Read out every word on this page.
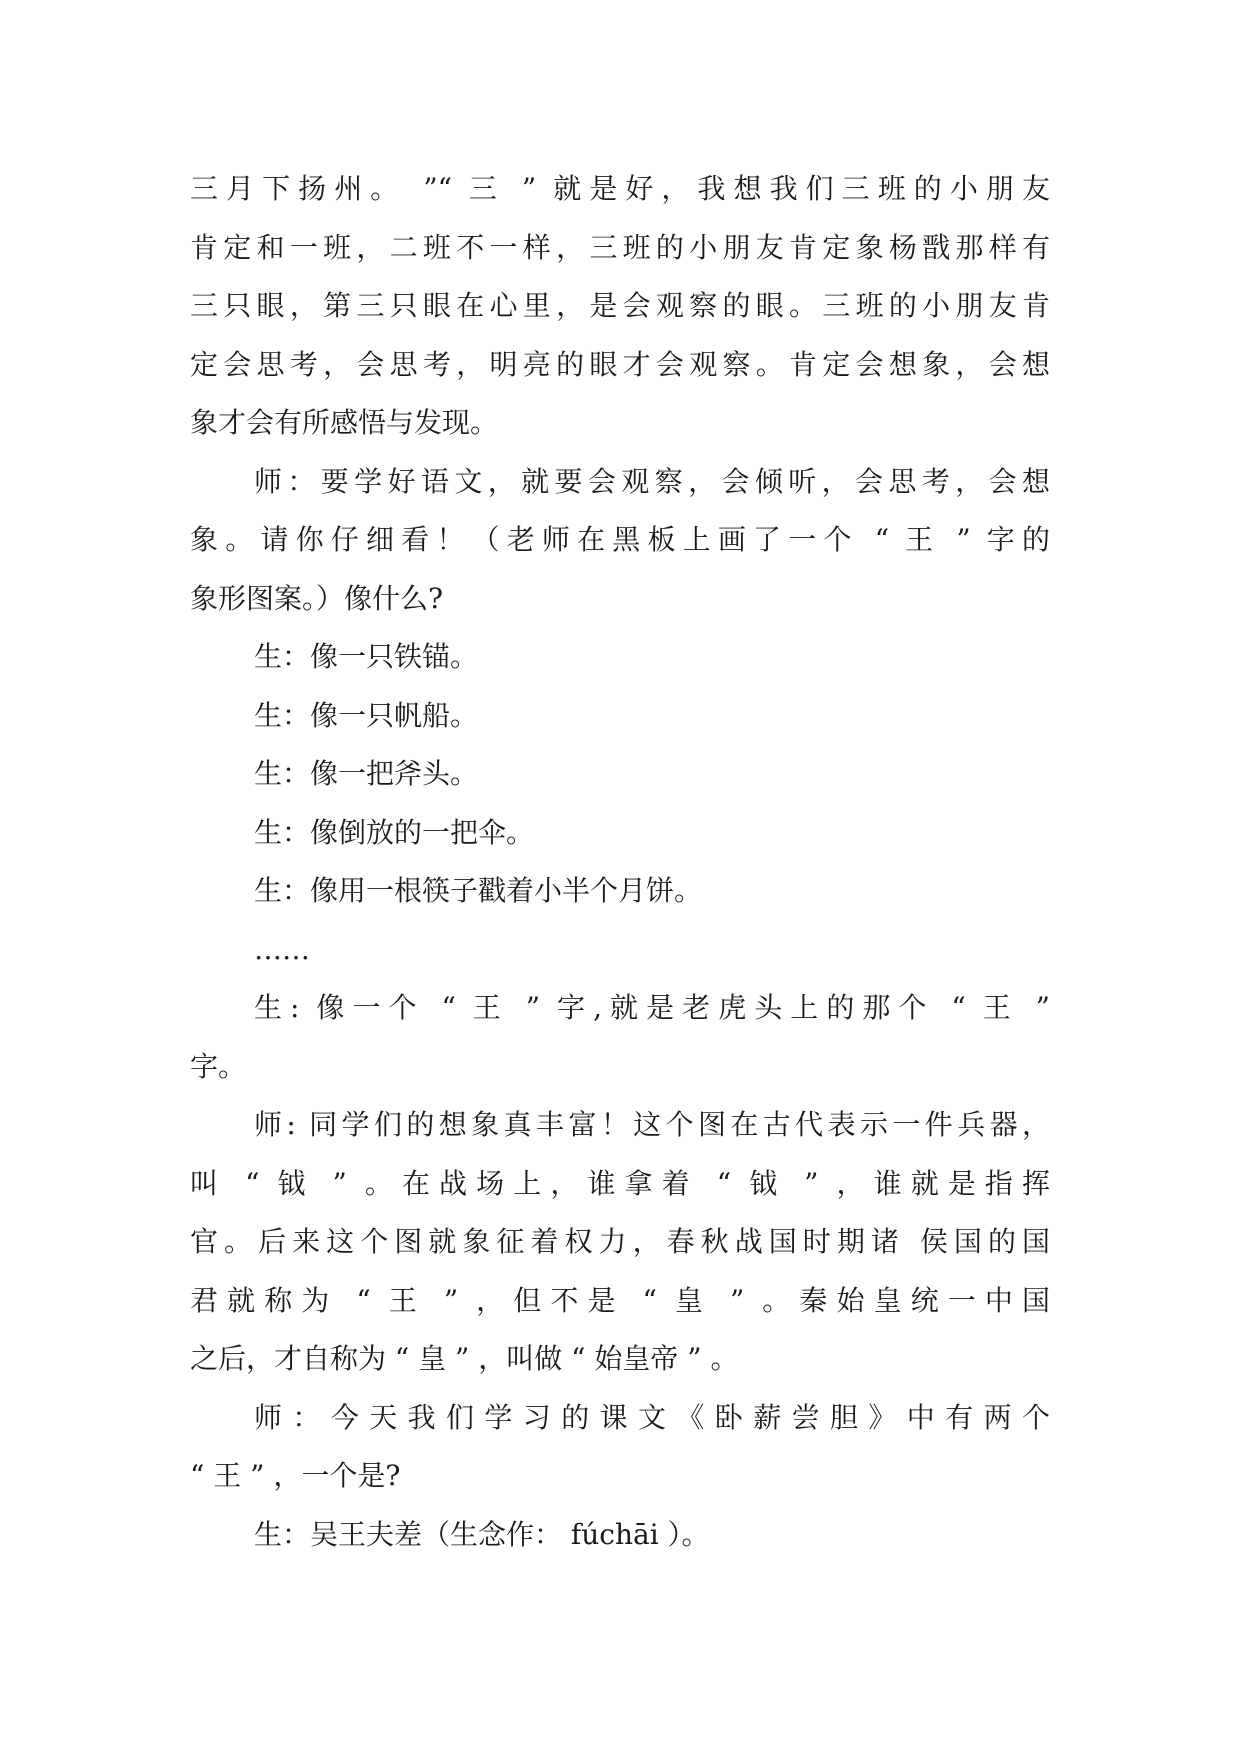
三月下扬州。 ”“ 三 ” 就是好，我想我们三班的小朋友
肯定和一班，二班不一样，三班的小朋友肯定象杨戬那样有
三只眼，第三只眼在心里，是会观察的眼。三班的小朋友肯
定会思考，会思考，明亮的眼才会观察。肯定会想象，会想
象才会有所感悟与发现。
师：要学好语文，就要会观察，会倾听，会思考，会想
象。请你仔细看！（老师在黑板上画了一个 “ 王 ” 字的
象形图案。）像什么?
生：像一只铁锚。
生：像一只帆船。
生：像一把斧头。
生：像倒放的一把伞。
生：像用一根筷子戳着小半个月饼。
……
生: 像一个 “ 王 ” 字,就是老虎头上的那个 “ 王 ”
字。
师: 同学们的想象真丰富！这个图在古代表示一件兵器，
叫 “ 钺 ” 。在战场上，谁拿着 “ 钺 ” ，谁就是指挥
官。后来这个图就象征着权力，春秋战国时期诸 侯国的国
君就称为 “ 王 ” ，但不是 “ 皇 ” 。秦始皇统一中国
之后，才自称为 “ 皇 ” ，叫做 “ 始皇帝 ” 。
师：今天我们学习的课文《卧薪尝胆》中有两个
“ 王 ” ，一个是?
生：吴王夫差（生念作： fúchāi ）。
